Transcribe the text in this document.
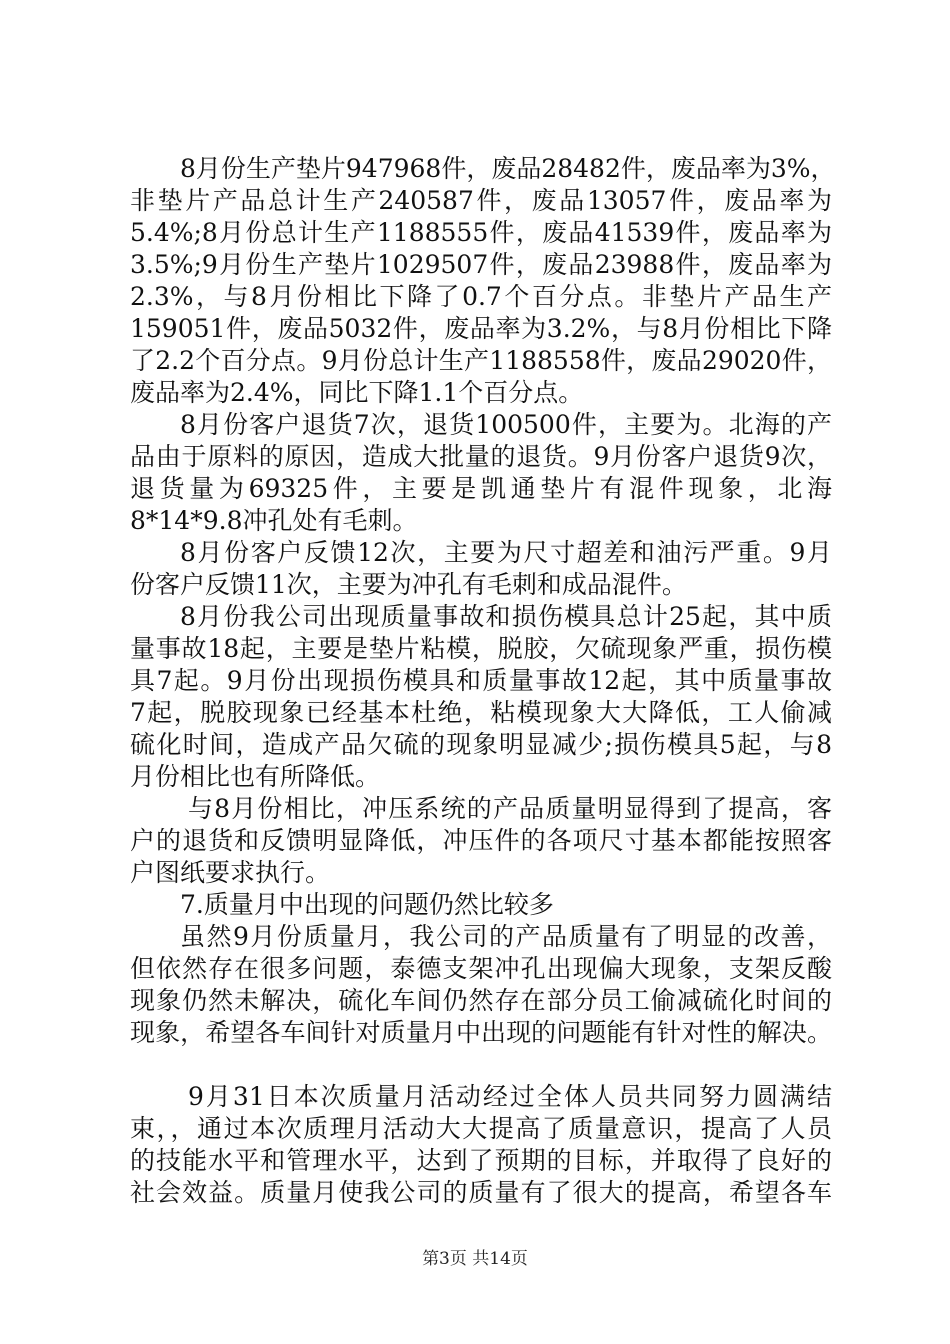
8月份生产垫片947968件，废品28482件，废品率为3%，
非垫片产品总计生产240587件，废品13057件，废品率为
5.4%;8月份总计生产1188555件，废品41539件，废品率为
3.5%;9月份生产垫片1029507件，废品23988件，废品率为
2.3%，与8月份相比下降了0.7个百分点。非垫片产品生产
159051件，废品5032件，废品率为3.2%，与8月份相比下降
了2.2个百分点。9月份总计生产1188558件，废品29020件，
废品率为2.4%，同比下降1.1个百分点。
8月份客户退货7次，退货100500件，主要为。北海的产
品由于原料的原因，造成大批量的退货。9月份客户退货9次，
退货量为69325件，主要是凯通垫片有混件现象，北海
8*14*9.8冲孔处有毛刺。
8月份客户反馈12次，主要为尺寸超差和油污严重。9月
份客户反馈11次，主要为冲孔有毛刺和成品混件。
8月份我公司出现质量事故和损伤模具总计25起，其中质
量事故18起，主要是垫片粘模，脱胶，欠硫现象严重，损伤模
具7起。9月份出现损伤模具和质量事故12起，其中质量事故
7起，脱胶现象已经基本杜绝，粘模现象大大降低，工人偷减
硫化时间，造成产品欠硫的现象明显减少;损伤模具5起，与8
月份相比也有所降低。
与8月份相比，冲压系统的产品质量明显得到了提高，客
户的退货和反馈明显降低，冲压件的各项尺寸基本都能按照客
户图纸要求执行。
7.质量月中出现的问题仍然比较多
虽然9月份质量月，我公司的产品质量有了明显的改善，
但依然存在很多问题，泰德支架冲孔出现偏大现象，支架反酸
现象仍然未解决，硫化车间仍然存在部分员工偷减硫化时间的
现象，希望各车间针对质量月中出现的问题能有针对性的解决。
9月31日本次质量月活动经过全体人员共同努力圆满结
束，，通过本次质理月活动大大提高了质量意识，提高了人员
的技能水平和管理水平，达到了预期的目标，并取得了良好的
社会效益。质量月使我公司的质量有了很大的提高，希望各车
第3页 共14页
